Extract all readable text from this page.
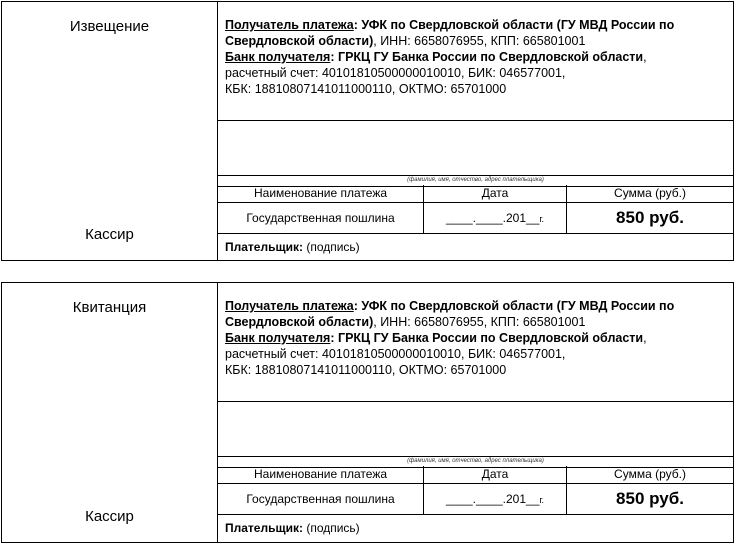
Извещение
Кассир
Получатель платежа: УФК по Свердловской области (ГУ МВД России по Свердловской области), ИНН: 6658076955, КПП: 665801001
Банк получателя: ГРКЦ ГУ Банка России по Свердловской области,
расчетный счет: 40101810500000010010, БИК: 046577001,
КБК: 18810807141011000110, ОКТМО: 65701000
(фамилия, имя, отчество, адрес плательщика)
Наименование платежа	Дата	Сумма (руб.)
Государственная пошлина	____.____.201__г.	850 руб.
Плательщик: (подпись)
Квитанция
Кассир
Получатель платежа: УФК по Свердловской области (ГУ МВД России по Свердловской области), ИНН: 6658076955, КПП: 665801001
Банк получателя: ГРКЦ ГУ Банка России по Свердловской области,
расчетный счет: 40101810500000010010, БИК: 046577001,
КБК: 18810807141011000110, ОКТМО: 65701000
(фамилия, имя, отчество, адрес плательщика)
Наименование платежа	Дата	Сумма (руб.)
Государственная пошлина	____.____.201__г.	850 руб.
Плательщик: (подпись)
